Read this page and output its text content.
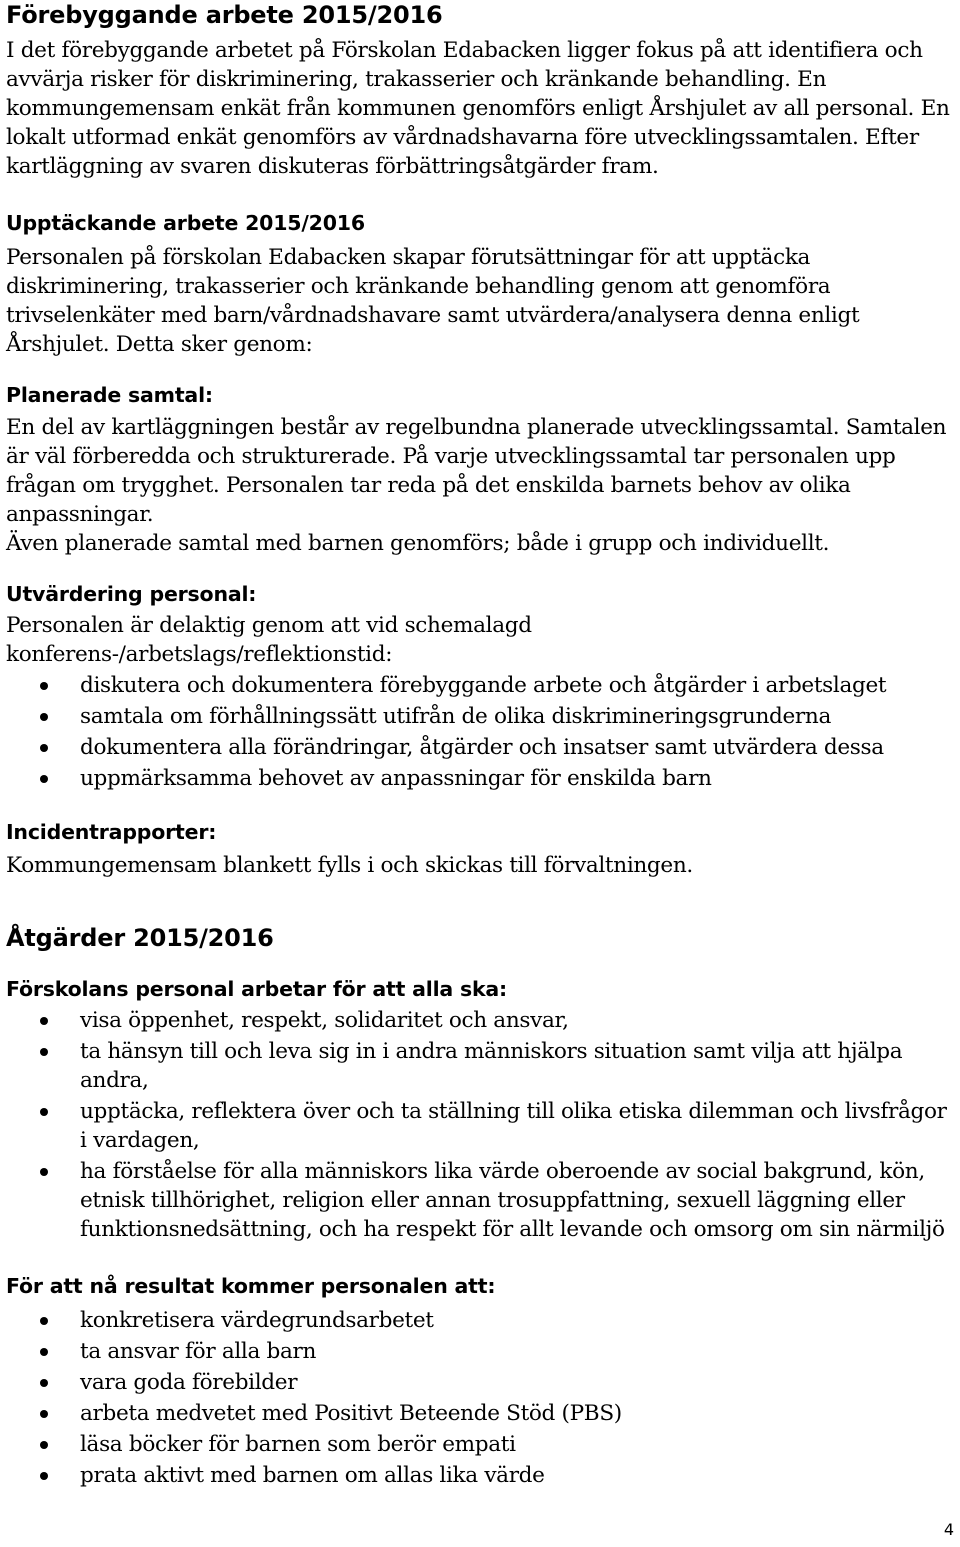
Förebyggande arbete 2015/2016

I det förebyggande arbetet på Förskolan Edabacken ligger fokus på att identifiera och avvärja risker för diskriminering, trakasserier och kränkande behandling. En kommungemensam enkät från kommunen genomförs enligt Årshjulet av all personal. En lokalt utformad enkät genomförs av vårdnadshavarna före utvecklingssamtalen. Efter kartläggning av svaren diskuteras förbättringsåtgärder fram.

Upptäckande arbete 2015/2016

Personalen på förskolan Edabacken skapar förutsättningar för att upptäcka diskriminering, trakasserier och kränkande behandling genom att genomföra trivselenkäter med barn/vårdnadshavare samt utvärdera/analysera denna enligt Årshjulet. Detta sker genom:

Planerade samtal:

En del av kartläggningen består av regelbundna planerade utvecklingssamtal. Samtalen är väl förberedda och strukturerade. På varje utvecklingssamtal tar personalen upp frågan om trygghet. Personalen tar reda på det enskilda barnets behov av olika anpassningar.

Även planerade samtal med barnen genomförs; både i grupp och individuellt.

Utvärdering personal:

Personalen är delaktig genom att vid schemalagd konferens-/arbetslags/reflektionstid:

diskutera och dokumentera förebyggande arbete och åtgärder i arbetslaget
samtala om förhållningssätt utifrån de olika diskrimineringsgrunderna
dokumentera alla förändringar, åtgärder och insatser samt utvärdera dessa
uppmärksamma behovet av anpassningar för enskilda barn
Incidentrapporter:

Kommungemensam blankett fylls i och skickas till förvaltningen.

Åtgärder 2015/2016
Förskolans personal arbetar för att alla ska:
visa öppenhet, respekt, solidaritet och ansvar,
ta hänsyn till och leva sig in i andra människors situation samt vilja att hjälpa andra,
upptäcka, reflektera över och ta ställning till olika etiska dilemman och livsfrågor i vardagen,
ha förståelse för alla människors lika värde oberoende av social bakgrund, kön, etnisk tillhörighet, religion eller annan trosuppfattning, sexuell läggning eller funktionsnedsättning, och ha respekt för allt levande och omsorg om sin närmiljö
För att nå resultat kommer personalen att:
konkretisera värdegrundsarbetet
ta ansvar för alla barn
vara goda förebilder
arbeta medvetet med Positivt Beteende Stöd (PBS)
läsa böcker för barnen som berör empati
prata aktivt med barnen om allas lika värde
4
